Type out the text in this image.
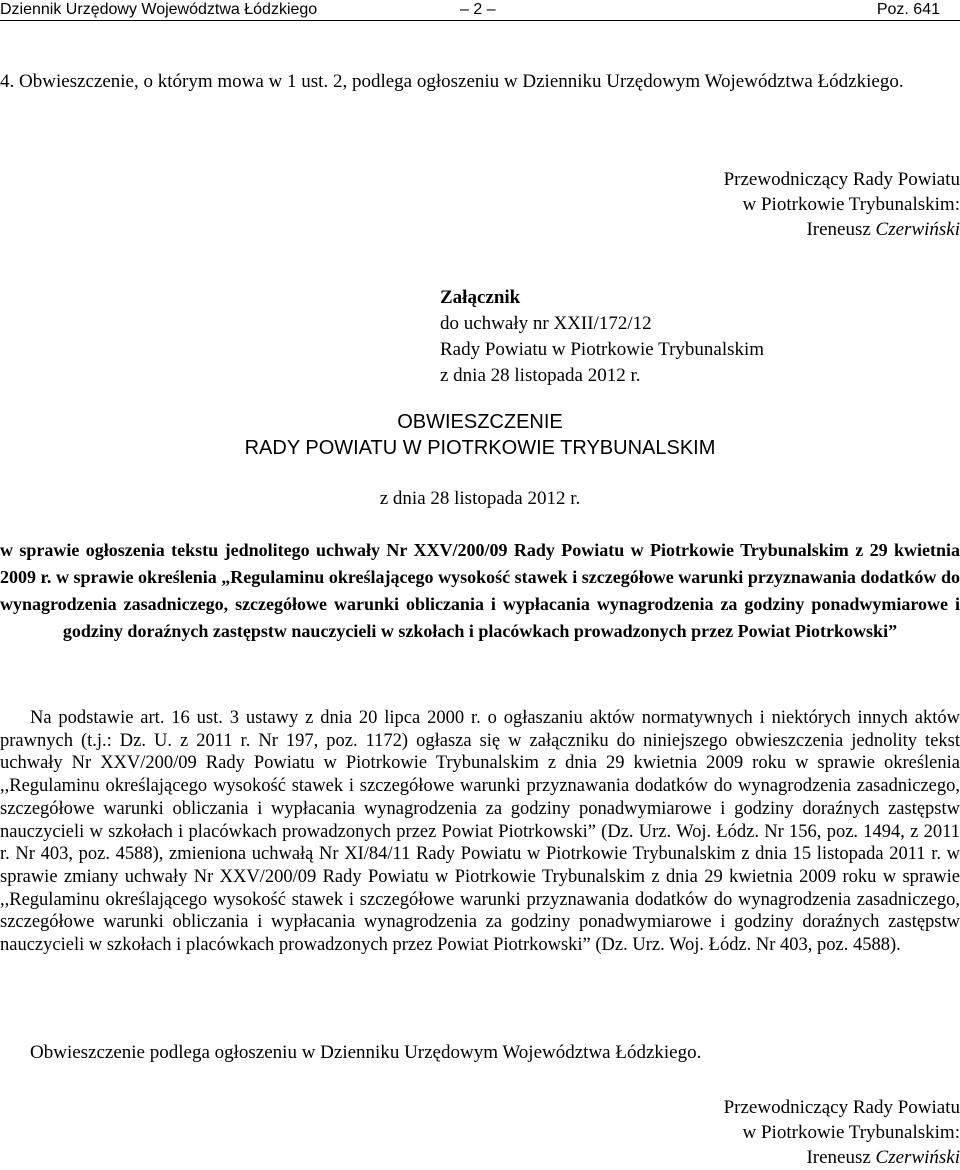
Dziennik Urzędowy Województwa Łódzkiego	– 2 –	Poz. 641
4. Obwieszczenie, o którym mowa w 1 ust. 2, podlega ogłoszeniu w Dzienniku Urzędowym Województwa Łódzkiego.
Przewodniczący Rady Powiatu
w Piotrkowie Trybunalskim:
Ireneusz Czerwiński
Załącznik
do uchwały nr XXII/172/12
Rady Powiatu w Piotrkowie Trybunalskim
z dnia 28 listopada 2012 r.
OBWIESZCZENIE
RADY POWIATU W PIOTRKOWIE TRYBUNALSKIM
z dnia 28 listopada 2012 r.
w sprawie ogłoszenia tekstu jednolitego uchwały Nr XXV/200/09 Rady Powiatu w Piotrkowie Trybunalskim z 29 kwietnia 2009 r. w sprawie określenia „Regulaminu określającego wysokość stawek i szczegółowe warunki przyznawania dodatków do wynagrodzenia zasadniczego, szczegółowe warunki obliczania i wypłacania wynagrodzenia za godziny ponadwymiarowe i godziny doraźnych zastępstw nauczycieli w szkołach i placówkach prowadzonych przez Powiat Piotrkowski”

Na podstawie art. 16 ust. 3 ustawy z dnia 20 lipca 2000 r. o ogłaszaniu aktów normatywnych i niektórych innych aktów prawnych (t.j.: Dz. U. z 2011 r. Nr 197, poz. 1172) ogłasza się w załączniku do niniejszego obwieszczenia jednolity tekst uchwały Nr XXV/200/09 Rady Powiatu w Piotrkowie Trybunalskim z dnia 29 kwietnia 2009 roku w sprawie określenia ,,Regulaminu określającego wysokość stawek i szczegółowe warunki przyznawania dodatków do wynagrodzenia zasadniczego, szczegółowe warunki obliczania i wypłacania wynagrodzenia za godziny ponadwymiarowe i godziny doraźnych zastępstw nauczycieli w szkołach i placówkach prowadzonych przez Powiat Piotrkowski” (Dz. Urz. Woj. Łódz. Nr 156, poz. 1494, z 2011 r. Nr 403, poz. 4588), zmieniona uchwałą Nr XI/84/11 Rady Powiatu w Piotrkowie Trybunalskim z dnia 15 listopada 2011 r. w sprawie zmiany uchwały Nr XXV/200/09 Rady Powiatu w Piotrkowie Trybunalskim z dnia 29 kwietnia 2009 roku w sprawie ,,Regulaminu określającego wysokość stawek i szczegółowe warunki przyznawania dodatków do wynagrodzenia zasadniczego, szczegółowe warunki obliczania i wypłacania wynagrodzenia za godziny ponadwymiarowe i godziny doraźnych zastępstw nauczycieli w szkołach i placówkach prowadzonych przez Powiat Piotrkowski” (Dz. Urz. Woj. Łódz. Nr 403, poz. 4588).

Obwieszczenie podlega ogłoszeniu w Dzienniku Urzędowym Województwa Łódzkiego.
Przewodniczący Rady Powiatu
w Piotrkowie Trybunalskim:
Ireneusz Czerwiński
